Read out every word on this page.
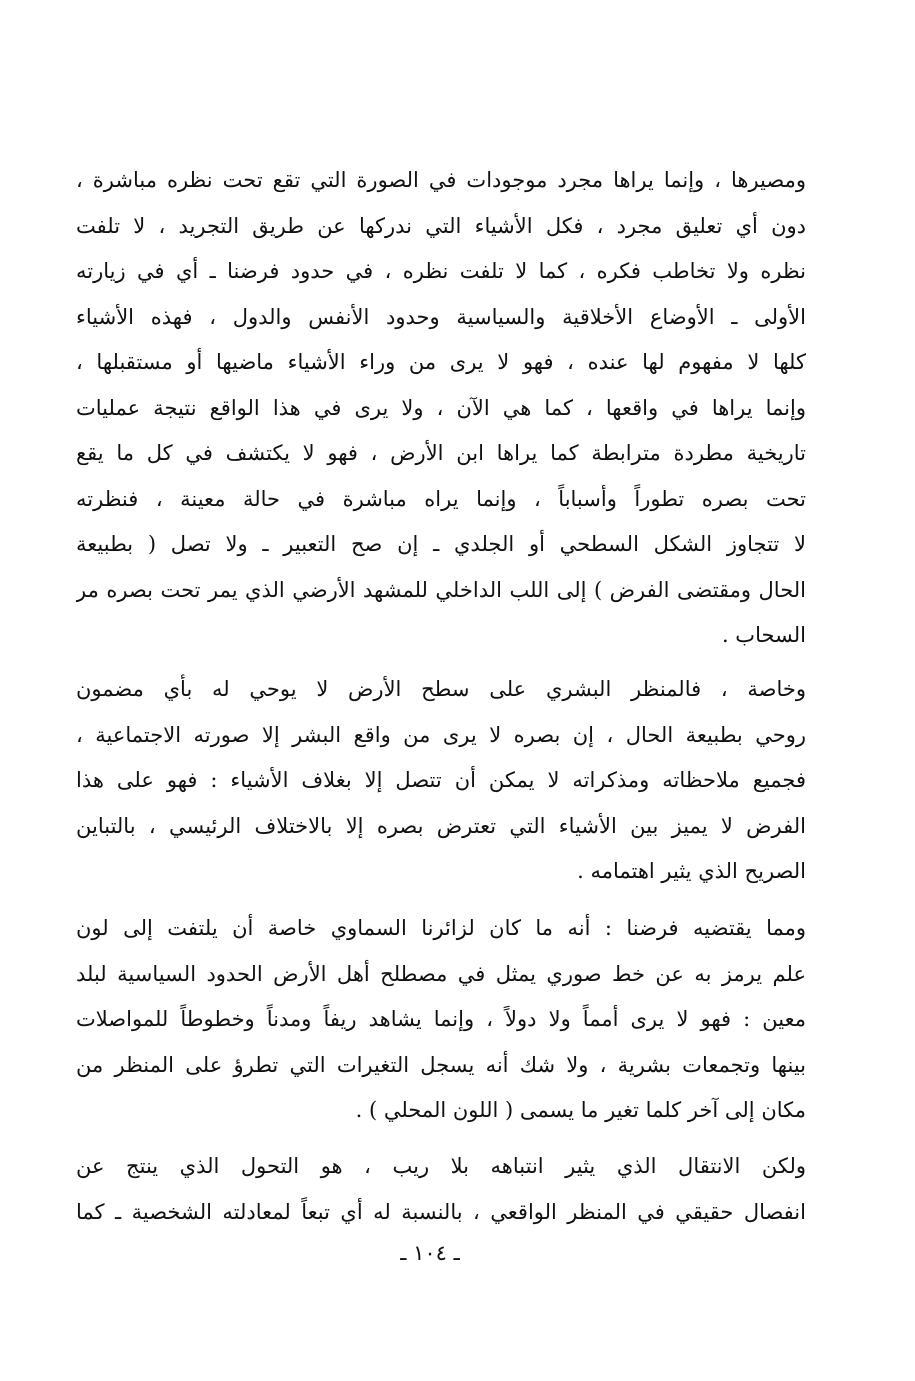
ومصيرها ، وإنما يراها مجرد موجودات في الصورة التي تقع تحت نظره مباشرة ،
دون أي تعليق مجرد ، فكل الأشياء التي ندركها عن طريق التجريد ، لا تلفت
نظره ولا تخاطب فكره ، كما لا تلفت نظره ، في حدود فرضنا ـ أي في زيارته
الأولى ـ الأوضاع الأخلاقية والسياسية وحدود الأنفس والدول ، فهذه الأشياء
كلها لا مفهوم لها عنده ، فهو لا يرى من وراء الأشياء ماضيها أو مستقبلها ،
وإنما يراها في واقعها ، كما هي الآن ، ولا يرى في هذا الواقع نتيجة عمليات
تاريخية مطردة مترابطة كما يراها ابن الأرض ، فهو لا يكتشف في كل ما يقع
تحت بصره تطوراً وأسباباً ، وإنما يراه مباشرة في حالة معينة ، فنظرته
لا تتجاوز الشكل السطحي أو الجلدي ـ إن صح التعبير ـ ولا تصل ( بطبيعة
الحال ومقتضى الفرض ) إلى اللب الداخلي للمشهد الأرضي الذي يمر تحت بصره مر
السحاب .
وخاصة ، فالمنظر البشري على سطح الأرض لا يوحي له بأي مضمون
روحي بطبيعة الحال ، إن بصره لا يرى من واقع البشر إلا صورته الاجتماعية ،
فجميع ملاحظاته ومذكراته لا يمكن أن تتصل إلا بغلاف الأشياء : فهو على هذا
الفرض لا يميز بين الأشياء التي تعترض بصره إلا بالاختلاف الرئيسي ، بالتباين
الصريح الذي يثير اهتمامه .
ومما يقتضيه فرضنا : أنه ما كان لزائرنا السماوي خاصة أن يلتفت إلى لون
علم يرمز به عن خط صوري يمثل في مصطلح أهل الأرض الحدود السياسية لبلد
معين : فهو لا يرى أمماً ولا دولاً ، وإنما يشاهد ريفاً ومدناً وخطوطاً للمواصلات
بينها وتجمعات بشرية ، ولا شك أنه يسجل التغيرات التي تطرؤ على المنظر من
مكان إلى آخر كلما تغير ما يسمى ( اللون المحلي ) .
ولكن الانتقال الذي يثير انتباهه بلا ريب ، هو التحول الذي ينتج عن
انفصال حقيقي في المنظر الواقعي ، بالنسبة له أي تبعاً لمعادلته الشخصية ـ كما
ـ ١٠٤ ـ
